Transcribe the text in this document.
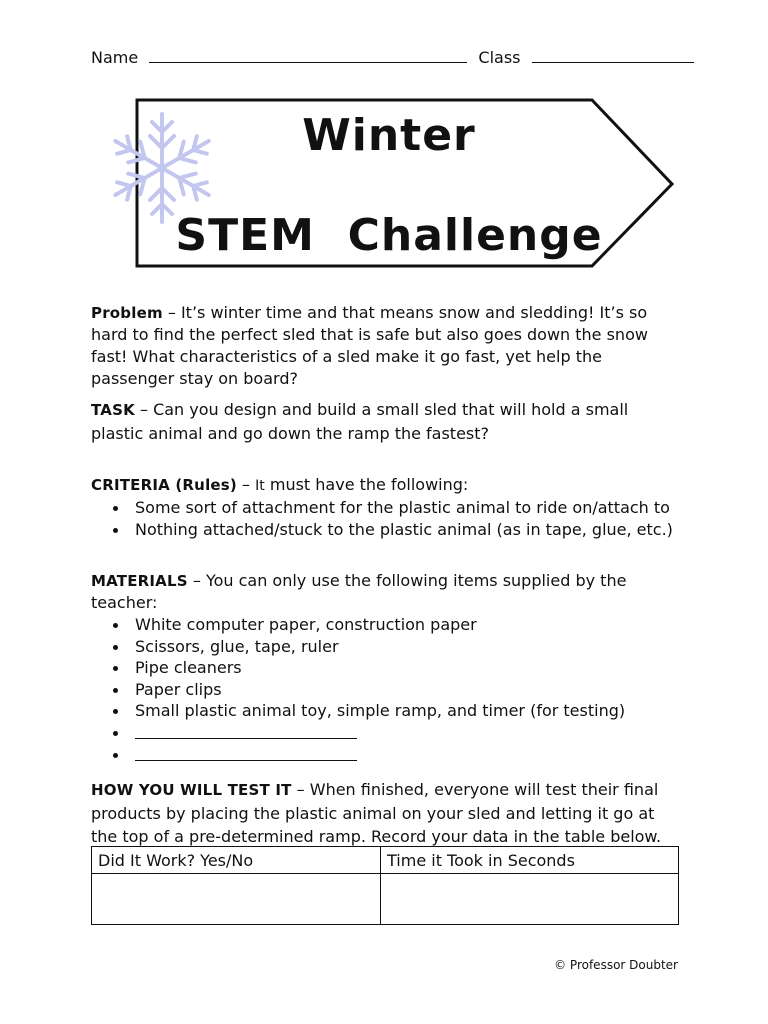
Name	Class
Winter
STEM  Challenge
Problem – It’s winter time and that means snow and sledding! It’s so hard to find the perfect sled that is safe but also goes down the snow fast! What characteristics of a sled make it go fast, yet help the passenger stay on board?
TASK – Can you design and build a small sled that will hold a small plastic animal and go down the ramp the fastest?
CRITERIA (Rules) – It must have the following:
Some sort of attachment for the plastic animal to ride on/attach to
Nothing attached/stuck to the plastic animal (as in tape, glue, etc.)
MATERIALS – You can only use the following items supplied by the teacher:
White computer paper, construction paper
Scissors, glue, tape, ruler
Pipe cleaners
Paper clips
Small plastic animal toy, simple ramp, and timer (for testing)
HOW YOU WILL TEST IT – When finished, everyone will test their final products by placing the plastic animal on your sled and letting it go at the top of a pre-determined ramp. Record your data in the table below.
Did It Work? Yes/No	Time it Took in Seconds

© Professor Doubter
